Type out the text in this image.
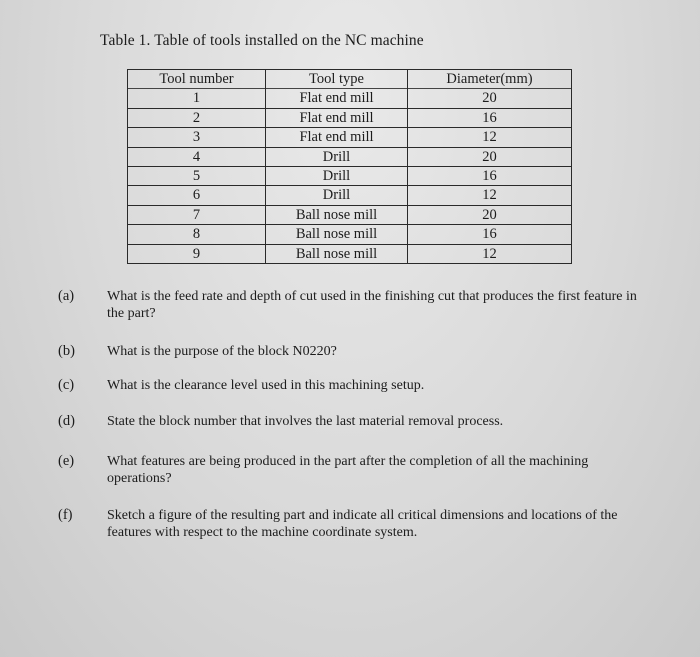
Table 1. Table of tools installed on the NC machine
Tool number	Tool type	Diameter(mm)
1	Flat end mill	20
2	Flat end mill	16
3	Flat end mill	12
4	Drill	20
5	Drill	16
6	Drill	12
7	Ball nose mill	20
8	Ball nose mill	16
9	Ball nose mill	12
(a) What is the feed rate and depth of cut used in the finishing cut that produces the first feature in the part?
(b) What is the purpose of the block N0220?
(c) What is the clearance level used in this machining setup.
(d) State the block number that involves the last material removal process.
(e) What features are being produced in the part after the completion of all the machining operations?
(f) Sketch a figure of the resulting part and indicate all critical dimensions and locations of the features with respect to the machine coordinate system.
